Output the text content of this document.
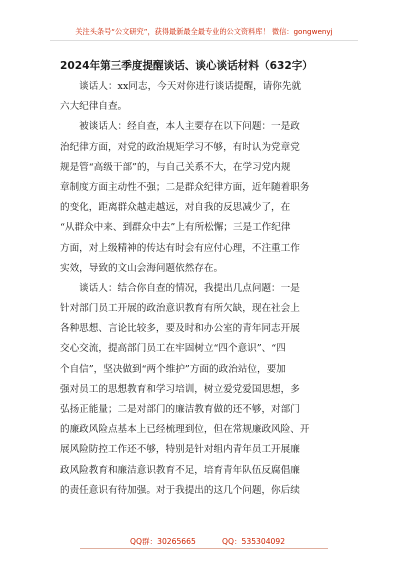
关注头条号“公文研究”，获得最新最全最专业的公文资料库！ 微信：gongwenyj
2024年第三季度提醒谈话、谈心谈话材料（632字）
　　谈话人：xx同志，今天对你进行谈话提醒，请你先就
六大纪律自查。
　　被谈话人：经自查，本人主要存在以下问题：一是政
治纪律方面，对党的政治规矩学习不够，有时认为党章党
规是管“高级干部”的，与自己关系不大，在学习党内规
章制度方面主动性不强；二是群众纪律方面，近年随着职务
的变化，距离群众越走越远，对自我的反思减少了，在
“从群众中来、到群众中去”上有所松懈；三是工作纪律
方面，对上级精神的传达有时会有应付心理，不注重工作
实效，导致的文山会海问题依然存在。
　　谈话人：结合你自查的情况，我提出几点问题：一是
针对部门员工开展的政治意识教育有所欠缺，现在社会上
各种思想、言论比较多，要及时和办公室的青年同志开展
交心交流，提高部门员工在牢固树立“四个意识”、“四
个自信”，坚决做到“两个维护”方面的政治站位，要加
强对员工的思想教育和学习培训，树立爱党爱国思想，多
弘扬正能量；二是对部门的廉洁教育做的还不够，对部门
的廉政风险点基本上已经梳理到位，但在常规廉政风险、开
展风险防控工作还不够，特别是针对组内青年员工开展廉
政风险教育和廉洁意识教育不足，培育青年队伍反腐倡廉
的责任意识有待加强。对于我提出的这几个问题，你后续
QQ群：30265665	QQ：535304092
